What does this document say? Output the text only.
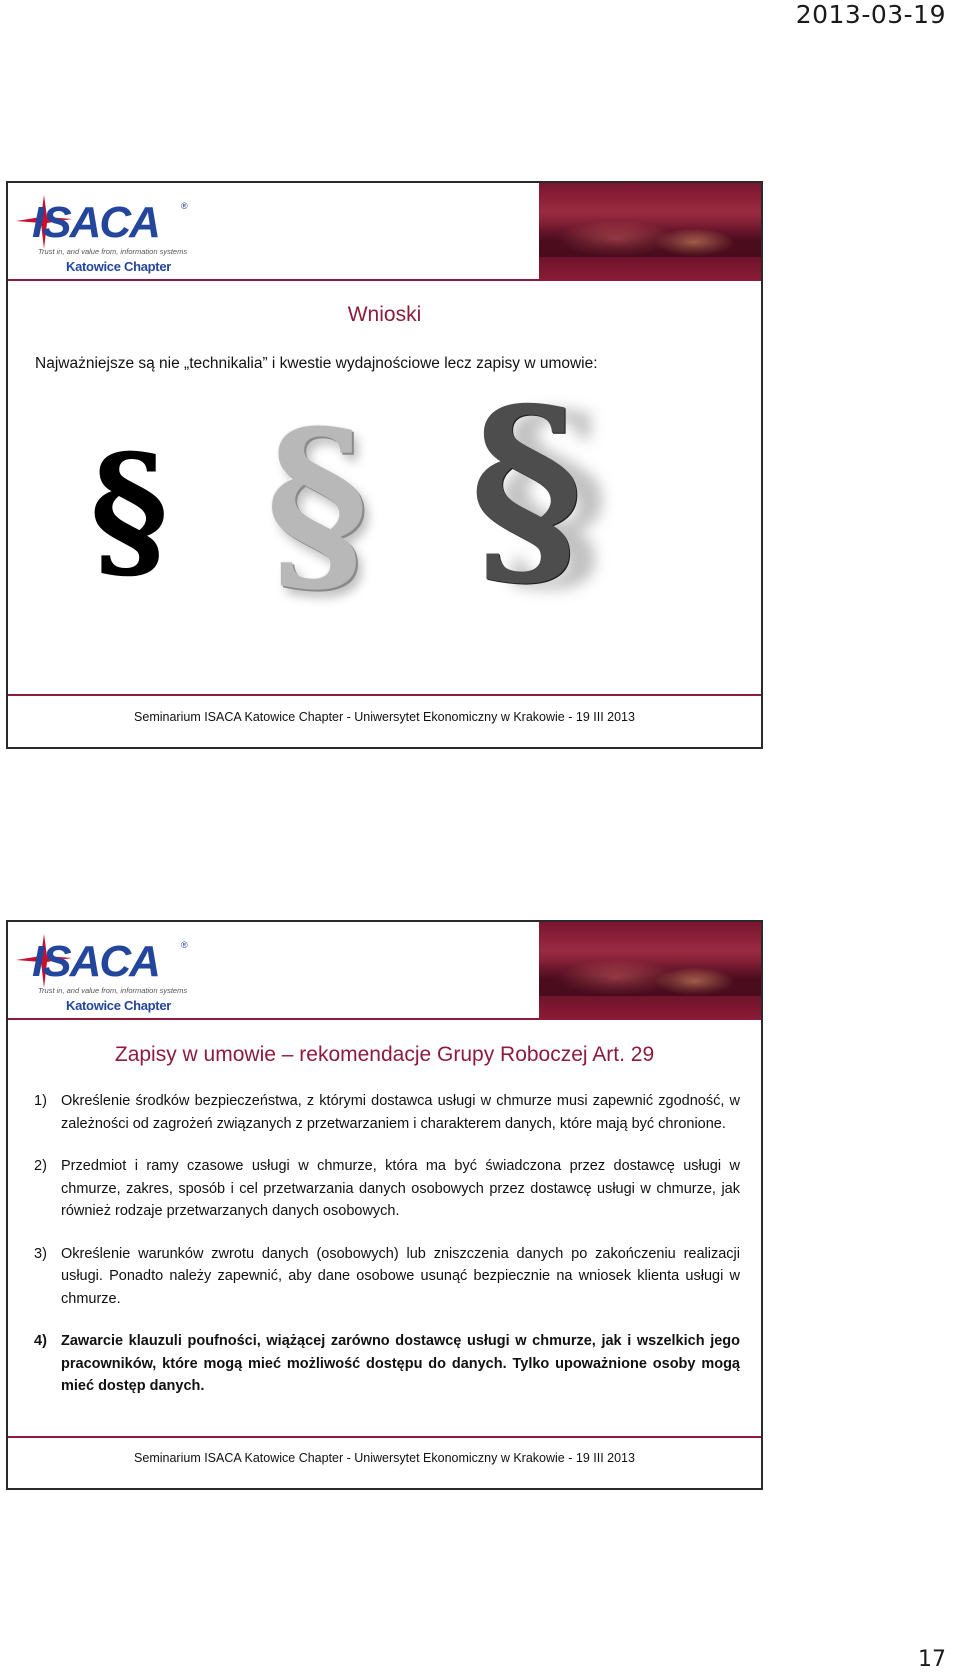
2013-03-19
ISACA ®
Trust in, and value from, information systems
Katowice Chapter
Wnioski
Najważniejsze są nie „technikalia” i kwestie wydajnościowe lecz zapisy w umowie:
§ § §
Seminarium ISACA Katowice Chapter - Uniwersytet Ekonomiczny w Krakowie - 19 III 2013
ISACA ®
Trust in, and value from, information systems
Katowice Chapter
Zapisy w umowie – rekomendacje Grupy Roboczej Art. 29
1) Określenie środków bezpieczeństwa, z którymi dostawca usługi w chmurze musi zapewnić zgodność, w zależności od zagrożeń związanych z przetwarzaniem i charakterem danych, które mają być chronione.
2) Przedmiot i ramy czasowe usługi w chmurze, która ma być świadczona przez dostawcę usługi w chmurze, zakres, sposób i cel przetwarzania danych osobowych przez dostawcę usługi w chmurze, jak również rodzaje przetwarzanych danych osobowych.
3) Określenie warunków zwrotu danych (osobowych) lub zniszczenia danych po zakończeniu realizacji usługi. Ponadto należy zapewnić, aby dane osobowe usunąć bezpiecznie na wniosek klienta usługi w chmurze.
4) Zawarcie klauzuli poufności, wiążącej zarówno dostawcę usługi w chmurze, jak i wszelkich jego pracowników, które mogą mieć możliwość dostępu do danych. Tylko upoważnione osoby mogą mieć dostęp danych.
Seminarium ISACA Katowice Chapter - Uniwersytet Ekonomiczny w Krakowie - 19 III 2013
17
